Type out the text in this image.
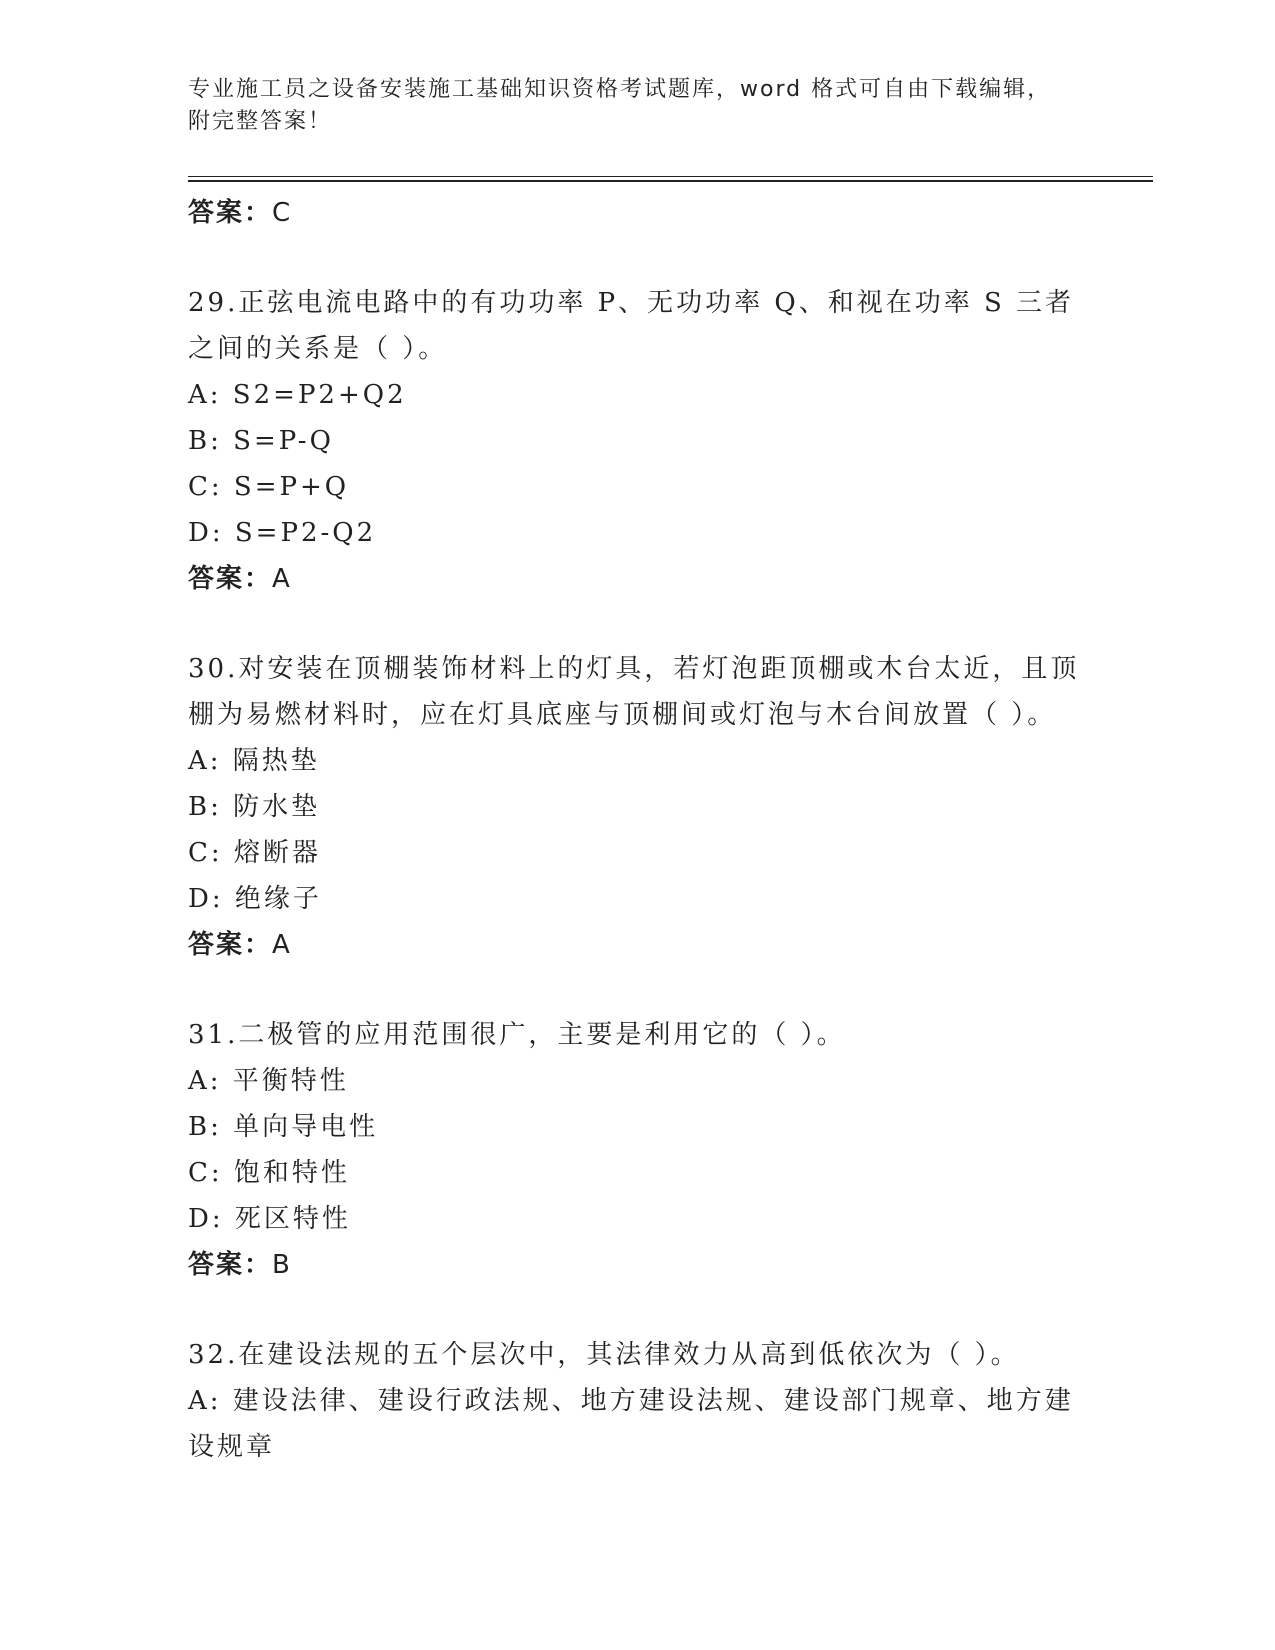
专业施工员之设备安装施工基础知识资格考试题库，word 格式可自由下载编辑，附完整答案！

答案：C

29.正弦电流电路中的有功功率 P、无功功率 Q、和视在功率 S 三者之间的关系是（ ）。

A: S2=P2+Q2

B: S=P-Q

C: S=P+Q

D: S=P2-Q2

答案：A

30.对安装在顶棚装饰材料上的灯具，若灯泡距顶棚或木台太近，且顶棚为易燃材料时，应在灯具底座与顶棚间或灯泡与木台间放置（ ）。

A: 隔热垫

B: 防水垫

C: 熔断器

D: 绝缘子

答案：A

31.二极管的应用范围很广，主要是利用它的（ ）。

A: 平衡特性

B: 单向导电性

C: 饱和特性

D: 死区特性

答案：B

32.在建设法规的五个层次中，其法律效力从高到低依次为（ ）。

A: 建设法律、建设行政法规、地方建设法规、建设部门规章、地方建设规章
